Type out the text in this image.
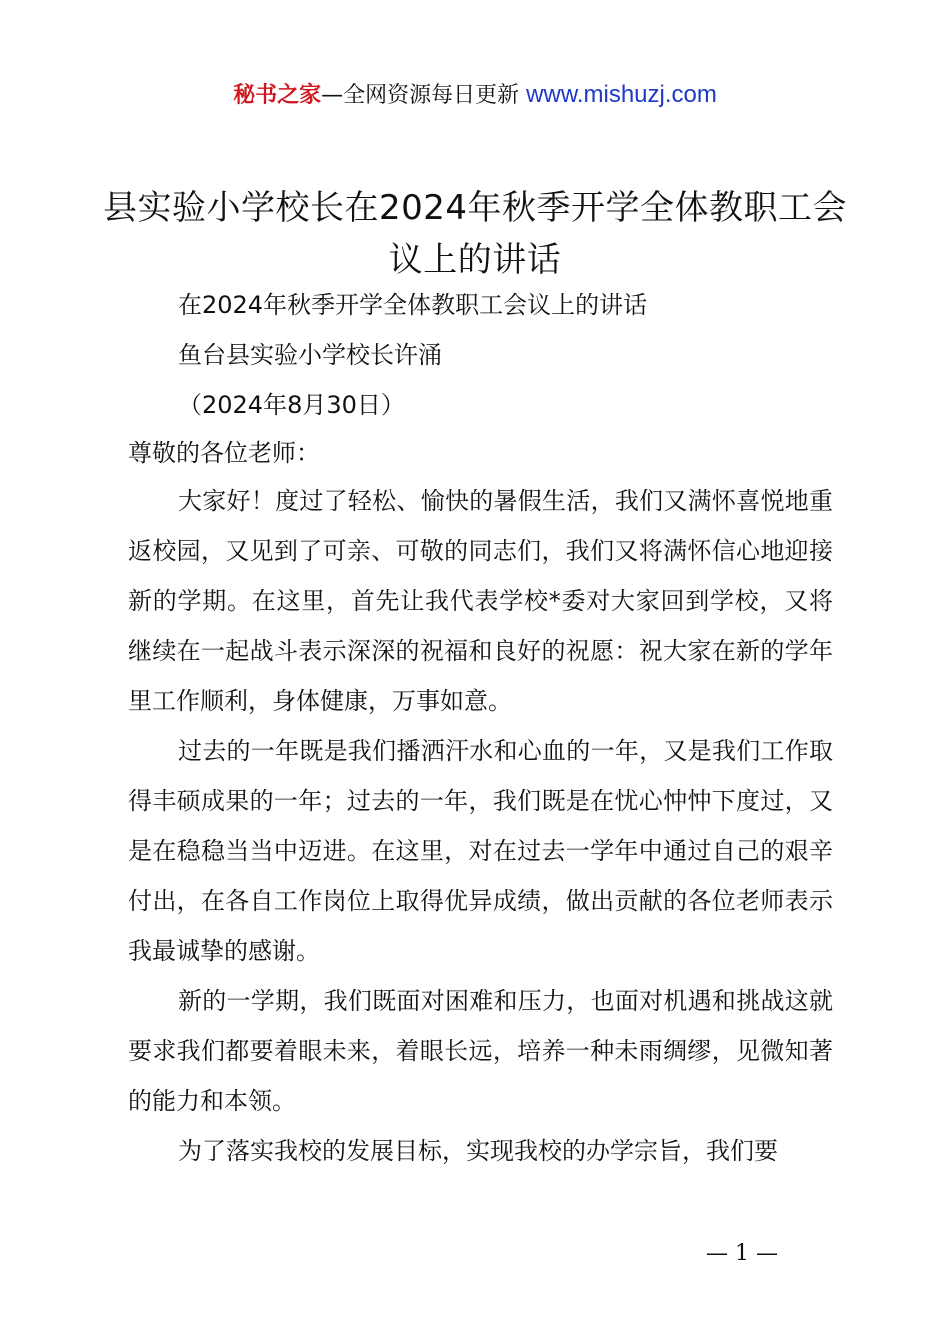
秘书之家—全网资源每日更新 www.mishuzj.com
县实验小学校长在2024年秋季开学全体教职工会议上的讲话
在2024年秋季开学全体教职工会议上的讲话
鱼台县实验小学校长许涌
（2024年8月30日）
尊敬的各位老师：

大家好！度过了轻松、愉快的暑假生活，我们又满怀喜悦地重返校园，又见到了可亲、可敬的同志们，我们又将满怀信心地迎接新的学期。在这里，首先让我代表学校*委对大家回到学校，又将继续在一起战斗表示深深的祝福和良好的祝愿：祝大家在新的学年里工作顺利，身体健康，万事如意。

过去的一年既是我们播洒汗水和心血的一年，又是我们工作取得丰硕成果的一年；过去的一年，我们既是在忧心忡忡下度过，又是在稳稳当当中迈进。在这里，对在过去一学年中通过自己的艰辛付出，在各自工作岗位上取得优异成绩，做出贡献的各位老师表示我最诚挚的感谢。

新的一学期，我们既面对困难和压力，也面对机遇和挑战这就要求我们都要着眼未来，着眼长远，培养一种未雨绸缪，见微知著的能力和本领。

为了落实我校的发展目标，实现我校的办学宗旨，我们要

— 1 —
